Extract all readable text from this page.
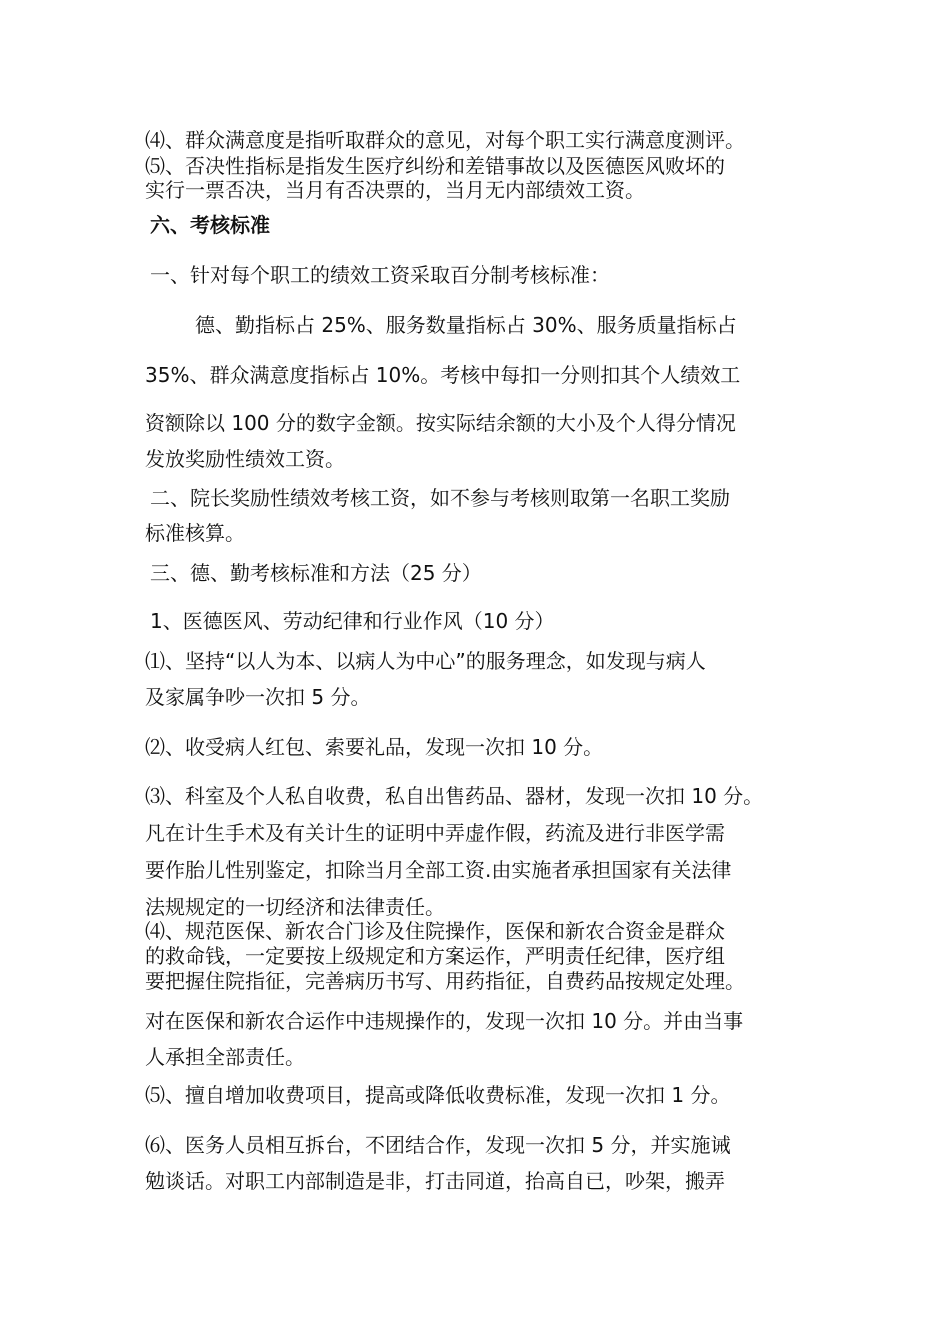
⑷、群众满意度是指听取群众的意见，对每个职工实行满意度测评。
⑸、否决性指标是指发生医疗纠纷和差错事故以及医德医风败坏的
实行一票否决，当月有否决票的，当月无内部绩效工资。
六、考核标准
一、针对每个职工的绩效工资采取百分制考核标准：
德、勤指标占 25%、服务数量指标占 30%、服务质量指标占
35%、群众满意度指标占 10%。考核中每扣一分则扣其个人绩效工
资额除以 100 分的数字金额。按实际结余额的大小及个人得分情况
发放奖励性绩效工资。
二、院长奖励性绩效考核工资，如不参与考核则取第一名职工奖励
标准核算。
三、德、勤考核标准和方法（25 分）
1、医德医风、劳动纪律和行业作风（10 分）
⑴、坚持“以人为本、以病人为中心”的服务理念，如发现与病人
及家属争吵一次扣 5 分。
⑵、收受病人红包、索要礼品，发现一次扣 10 分。
⑶、科室及个人私自收费，私自出售药品、器材，发现一次扣 10 分。
凡在计生手术及有关计生的证明中弄虚作假，药流及进行非医学需
要作胎儿性别鉴定，扣除当月全部工资.由实施者承担国家有关法律
法规规定的一切经济和法律责任。
⑷、规范医保、新农合门诊及住院操作，医保和新农合资金是群众
的救命钱，一定要按上级规定和方案运作，严明责任纪律，医疗组
要把握住院指征，完善病历书写、用药指征，自费药品按规定处理。
对在医保和新农合运作中违规操作的，发现一次扣 10 分。并由当事
人承担全部责任。
⑸、擅自增加收费项目，提高或降低收费标准，发现一次扣 1 分。
⑹、医务人员相互拆台，不团结合作，发现一次扣 5 分，并实施诫
勉谈话。对职工内部制造是非，打击同道，抬高自已，吵架，搬弄
